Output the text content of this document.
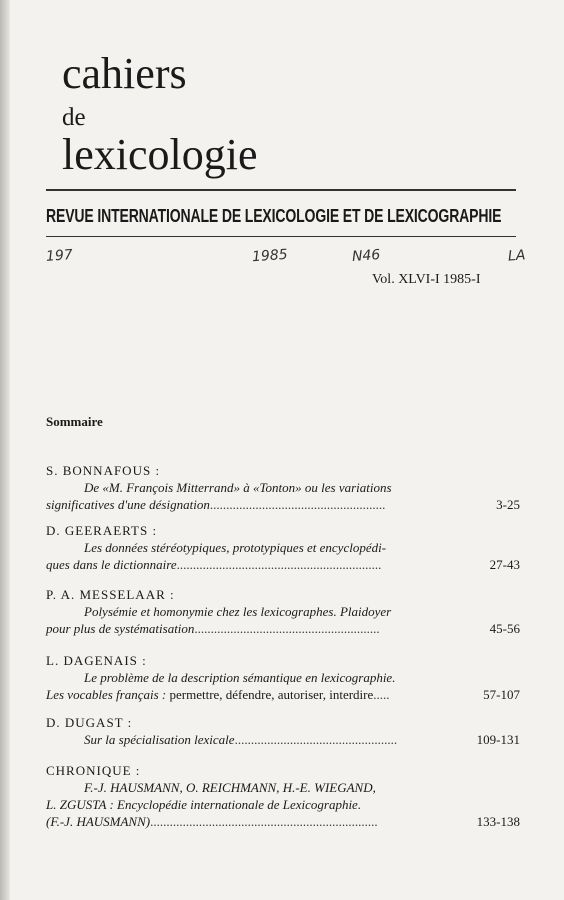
cahiers
de
lexicologie
REVUE INTERNATIONALE DE LEXICOLOGIE ET DE LEXICOGRAPHIE
197	1985	N46	LA
Vol. XLVI-I 1985-I
Sommaire
S. BONNAFOUS :
De «M. François Mitterrand» à «Tonton» ou les variations
significatives d'une désignation......................................................	3-25
D. GEERAERTS :
Les données stéréotypiques, prototypiques et encyclopédi-
ques dans le dictionnaire...............................................................	27-43
P. A. MESSELAAR :
Polysémie et homonymie chez les lexicographes. Plaidoyer
pour plus de systématisation.........................................................	45-56
L. DAGENAIS :
Le problème de la description sémantique en lexicographie.
Les vocables français : permettre, défendre, autoriser, interdire.....	57-107
D. DUGAST :
Sur la spécialisation lexicale..................................................	109-131
CHRONIQUE :
F.-J. HAUSMANN, O. REICHMANN, H.-E. WIEGAND,
L. ZGUSTA : Encyclopédie internationale de Lexicographie.
(F.-J. HAUSMANN)......................................................................	133-138
